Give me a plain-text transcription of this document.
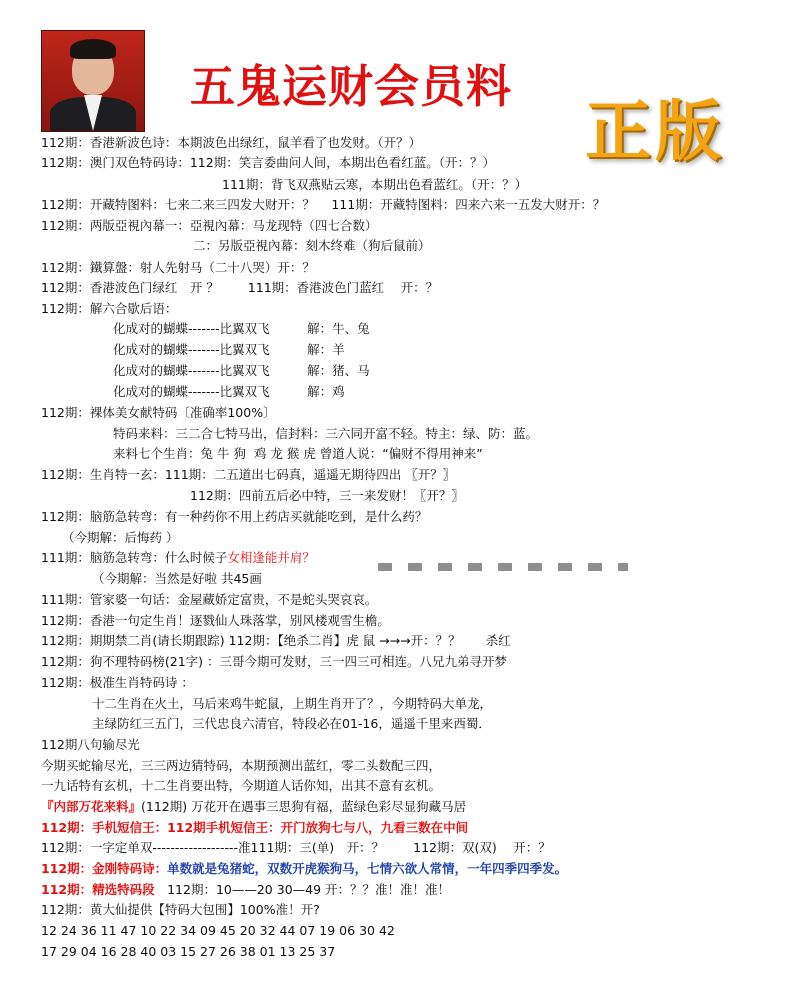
五鬼运财会员料
正版
112期：香港新波色诗：本期波色出绿红，鼠羊看了也发财。（开？）
112期：澳门双色特码诗：112期：笑言委曲问人间，本期出色看红蓝。（开：？）
111期：背飞双燕贴云寒，本期出色看蓝红。（开：？）
112期：开藏特图料：七来二来三四发大财开：？　 111期：开藏特图料：四来六来一五发大财开：？
112期：两版亞視內幕一：亞視內幕：马龙现特（四七合数）
二：另版亞視內幕：刻木终难（狗后鼠前）
112期：鐵算盤：射人先射马（二十八哭）开：？
112期：香港波色门绿红　开 ？　　 111期：香港波色门蓝红　 开：？
112期：解六合歇后语：
化成对的蝴蝶-------比翼双飞　　　解：牛、兔
化成对的蝴蝶-------比翼双飞　　　解：羊
化成对的蝴蝶-------比翼双飞　　　解：猪、马
化成对的蝴蝶-------比翼双飞　　　解：鸡
112期：裸体美女献特码〔准确率100%〕
特码来料：三二合七特马出，信封料：三六同开富不轻。特主：绿、防：蓝。
来料七个生肖：兔 牛 狗  鸡 龙 猴 虎 曾道人说：“偏财不得用神来”
112期：生肖特一玄：111期：二五道出七码真，遥遥无期待四出 〖开？〗
112期：四前五后必中特，三一来发财！〖开？〗
112期：脑筋急转弯：有一种药你不用上药店买就能吃到，是什么药？
（今期解：后悔药 ）
111期：脑筋急转弯：什么时候子女相逢能并肩？
（今期解：当然是好啦 共45画
111期：管家婆一句话：金屋藏娇定富贵，不是蛇头哭哀哀。
112期：香港一句定生肖！逐戮仙人珠落掌，别风楼观雪生檐。
112期：期期禁二肖(请长期跟踪) 112期：【绝杀二肖】虎 鼠 →→→开：？？　　杀红
112期：狗不理特码榜(21字) ：三哥今期可发财，三一四三可相连。八兄九弟寻开梦
112期：极准生肖特码诗 ：
十二生肖在火土，马后来鸡牛蛇鼠，上期生肖开了？，今期特码大单龙，
主绿防红三五门，三代忠良六清官，特段必在01-16，遥遥千里来西蜀．
112期八句输尽光
今期买蛇输尽光，三三两边猜特码，本期预测出蓝红，零二头数配三四，
一九话特有玄机，十二生肖要出特，今期道人话你知，出其不意有玄机。
『内部万花来料』(112期) 万花开在遇事三思狗有福，蓝绿色彩尽显狗藏马居
112期：手机短信王：112期手机短信王：开门放狗七与八，九看三数在中间
112期：一字定单双-------------------准111期：三(单)　开：？　　 112期：双(双)　 开：？
112期：金刚特码诗：单数就是兔猪蛇，双数开虎猴狗马，七情六欲人常情，一年四季四季发。
112期：精选特码段　112期：10——20 30—49 开：？？准！准！准！
112期：黄大仙提供【特码大包围】100%准！开?
12 24 36 11 47 10 22 34 09 45 20 32 44 07 19 06 30 42
17 29 04 16 28 40 03 15 27 26 38 01 13 25 37
